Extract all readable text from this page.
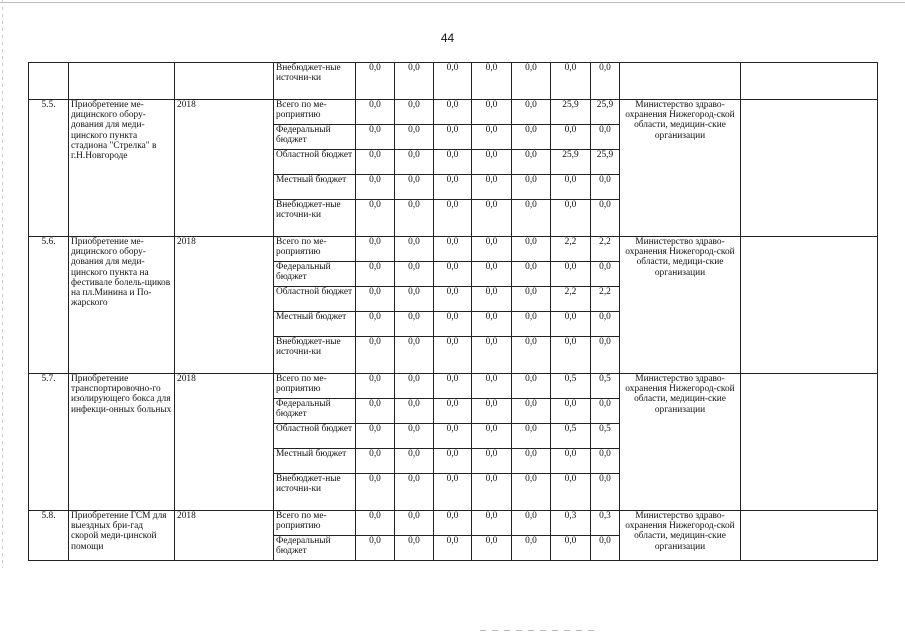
44
			Внебюджет-ные источни-ки	0,0	0,0	0,0	0,0	0,0	0,0	0,0		
5.5.	Приобретение ме-дицинского обору-дования для меди-цинского пункта стадиона "Стрелка" в г.Н.Новгороде	2018	Всего по ме-роприятию	0,0	0,0	0,0	0,0	0,0	25,9	25,9	Министерство здраво-охранения Нижегород-ской области, медицин-ские организации	
			Федеральный бюджет	0,0	0,0	0,0	0,0	0,0	0,0	0,0		
			Областной бюджет	0,0	0,0	0,0	0,0	0,0	25,9	25,9		
			Местный бюджет	0,0	0,0	0,0	0,0	0,0	0,0	0,0		
			Внебюджет-ные источни-ки	0,0	0,0	0,0	0,0	0,0	0,0	0,0		
5.6.	Приобретение ме-дицинского обору-дования для меди-цинского пункта на фестивале болель-щиков на пл.Минина и По-жарского	2018	Всего по ме-роприятию	0,0	0,0	0,0	0,0	0,0	2,2	2,2	Министерство здраво-охранения Нижегород-ской области, медици-ские организации	
			Федеральный бюджет	0,0	0,0	0,0	0,0	0,0	0,0	0,0		
			Областной бюджет	0,0	0,0	0,0	0,0	0,0	2,2	2,2		
			Местный бюджет	0,0	0,0	0,0	0,0	0,0	0,0	0,0		
			Внебюджет-ные источни-ки	0,0	0,0	0,0	0,0	0,0	0,0	0,0		
5.7.	Приобретение транспортировочно-го изолирующего бокса для инфекци-онных больных	2018	Всего по ме-роприятию	0,0	0,0	0,0	0,0	0,0	0,5	0,5	Министерство здраво-охранения Нижегород-ской области, медицин-ские организации	
			Федеральный бюджет	0,0	0,0	0,0	0,0	0,0	0,0	0,0		
			Областной бюджет	0,0	0,0	0,0	0,0	0,0	0,5	0,5		
			Местный бюджет	0,0	0,0	0,0	0,0	0,0	0,0	0,0		
			Внебюджет-ные источни-ки	0,0	0,0	0,0	0,0	0,0	0,0	0,0		
5.8.	Приобретение ГСМ для выездных бри-гад скорой меди-цинской помощи	2018	Всего по ме-роприятию	0,0	0,0	0,0	0,0	0,0	0,3	0,3	Министерство здраво-охранения Нижегород-ской области, медицин-ские организации	
			Федеральный бюджет	0,0	0,0	0,0	0,0	0,0	0,0	0,0		
